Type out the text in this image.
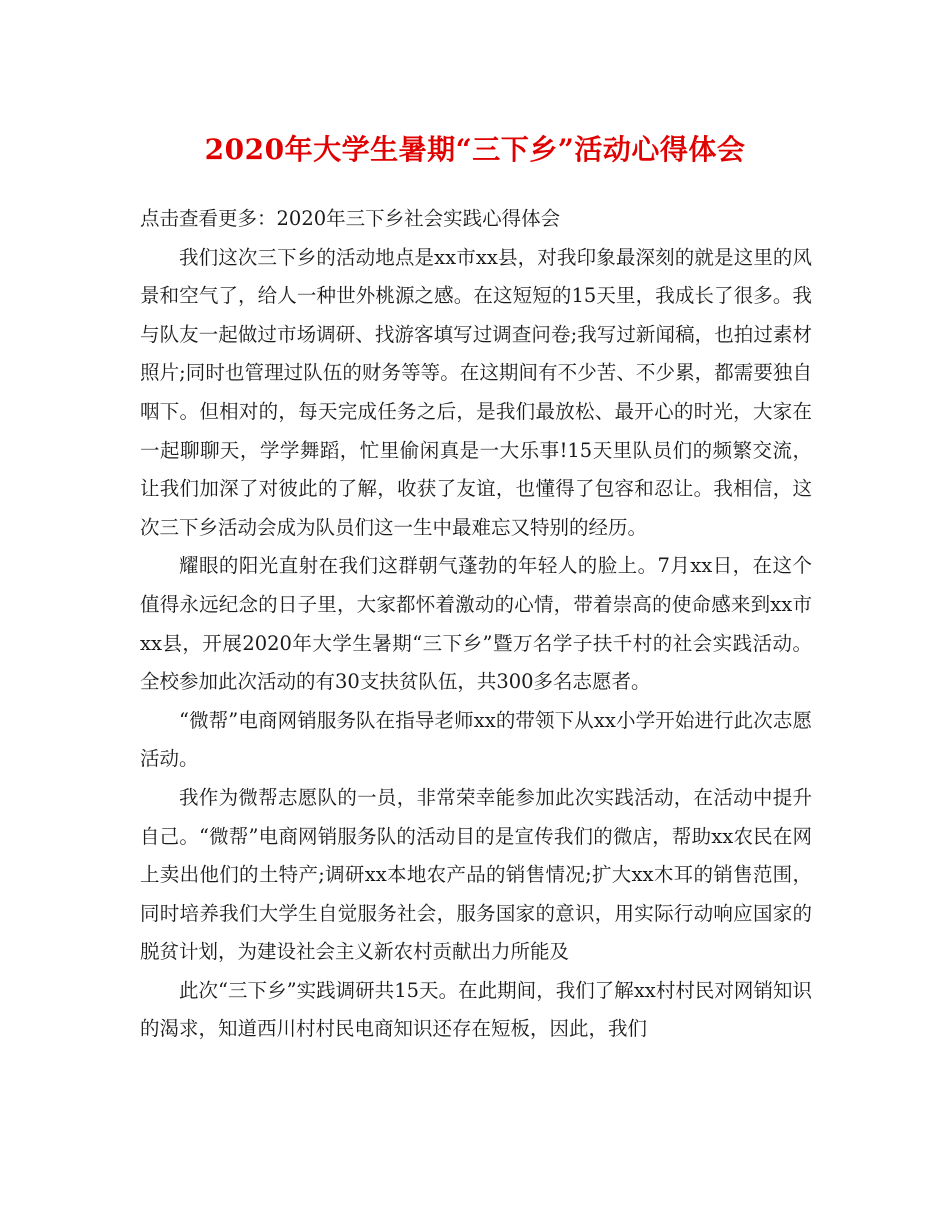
2020年大学生暑期“三下乡”活动心得体会

点击查看更多：2020年三下乡社会实践心得体会

我们这次三下乡的活动地点是xx市xx县，对我印象最深刻的就是这里的风景和空气了，给人一种世外桃源之感。在这短短的15天里，我成长了很多。我与队友一起做过市场调研、找游客填写过调查问卷;我写过新闻稿，也拍过素材照片;同时也管理过队伍的财务等等。在这期间有不少苦、不少累，都需要独自咽下。但相对的，每天完成任务之后，是我们最放松、最开心的时光，大家在一起聊聊天，学学舞蹈，忙里偷闲真是一大乐事!15天里队员们的频繁交流，让我们加深了对彼此的了解，收获了友谊，也懂得了包容和忍让。我相信，这次三下乡活动会成为队员们这一生中最难忘又特别的经历。

耀眼的阳光直射在我们这群朝气蓬勃的年轻人的脸上。7月xx日，在这个值得永远纪念的日子里，大家都怀着激动的心情，带着崇高的使命感来到xx市xx县，开展2020年大学生暑期“三下乡”暨万名学子扶千村的社会实践活动。全校参加此次活动的有30支扶贫队伍，共300多名志愿者。

“微帮”电商网销服务队在指导老师xx的带领下从xx小学开始进行此次志愿活动。

我作为微帮志愿队的一员，非常荣幸能参加此次实践活动，在活动中提升自己。“微帮”电商网销服务队的活动目的是宣传我们的微店，帮助xx农民在网上卖出他们的土特产;调研xx本地农产品的销售情况;扩大xx木耳的销售范围，同时培养我们大学生自觉服务社会，服务国家的意识，用实际行动响应国家的脱贫计划，为建设社会主义新农村贡献出力所能及

此次“三下乡”实践调研共15天。在此期间，我们了解xx村村民对网销知识的渴求，知道西川村村民电商知识还存在短板，因此，我们
